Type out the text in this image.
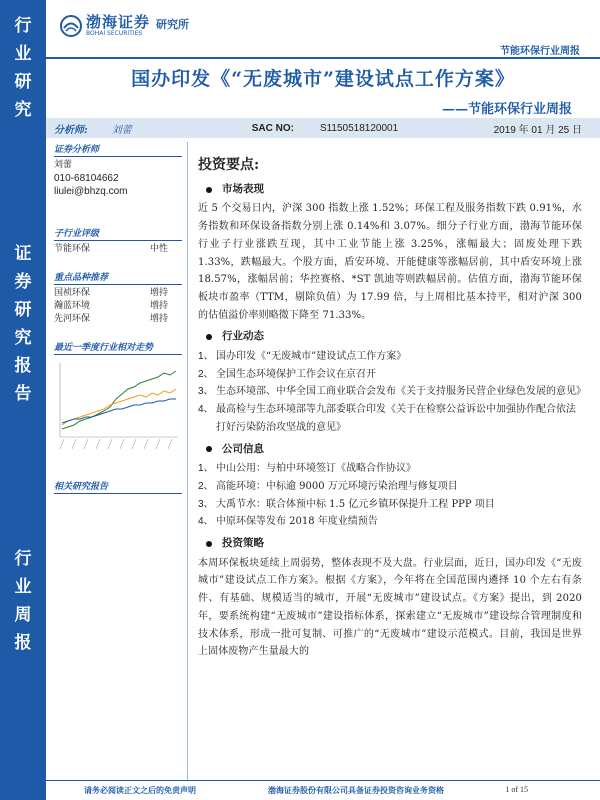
行
业
研
究
证
券
研
究
报
告
行
业
周
报
渤海证券
BOHAI SECURITIES
研究所
节能环保行业周报
国办印发《“无废城市”建设试点工作方案》
——节能环保行业周报
分析师: 刘蕾	SAC NO:	S1150518120001	2019 年 01 月 25 日
证券分析师
刘蕾
010-68104662
liulei@bhzq.com
子行业评级
节能环保	中性
重点品种推荐
国祯环保	增持
瀚蓝环境	增持
先河环保	增持
最近一季度行业相对走势
相关研究报告
投资要点:
市场表现
近 5 个交易日内，沪深 300 指数上涨 1.52%；环保工程及服务指数下跌 0.91%，水务指数和环保设备指数分别上涨 0.14%和 3.07%。细分子行业方面，渤海节能环保行业子行业涨跌互现，其中工业节能上涨 3.25%，涨幅最大；固废处理下跌 1.33%，跌幅最大。个股方面，盾安环境、开能健康等涨幅居前，其中盾安环境上涨 18.57%，涨幅居前；华控赛格、*ST 凯迪等则跌幅居前。估值方面，渤海节能环保板块市盈率（TTM，剔除负值）为 17.99 倍，与上周相比基本持平，相对沪深 300 的估值溢价率则略微下降至 71.33%。
行业动态
1、 国办印发《“无废城市”建设试点工作方案》
2、 全国生态环境保护工作会议在京召开
3、 生态环境部、中华全国工商业联合会发布《关于支持服务民营企业绿色发展的意见》
4、 最高检与生态环境部等九部委联合印发《关于在检察公益诉讼中加强协作配合依法打好污染防治攻坚战的意见》
公司信息
1、 中山公用：与柏中环境签订《战略合作协议》
2、 高能环境：中标逾 9000 万元环境污染治理与修复项目
3、 大禹节水：联合体预中标 1.5 亿元乡镇环保提升工程 PPP 项目
4、 中原环保等发布 2018 年度业绩预告
投资策略
本周环保板块延续上周弱势，整体表现不及大盘。行业层面，近日，国办印发《“无废城市”建设试点工作方案》。根据《方案》，今年将在全国范围内遴择 10 个左右有条件、有基础、规模适当的城市，开展“无废城市”建设试点。《方案》提出，到 2020 年，要系统构建“无废城市”建设指标体系，探索建立“无废城市”建设综合管理制度和技术体系，形成一批可复制、可推广的“无废城市”建设示范模式。目前，我国是世界上固体废物产生量最大的
请务必阅读正文之后的免责声明	渤海证券股份有限公司具备证券投资咨询业务资格	1 of 15
